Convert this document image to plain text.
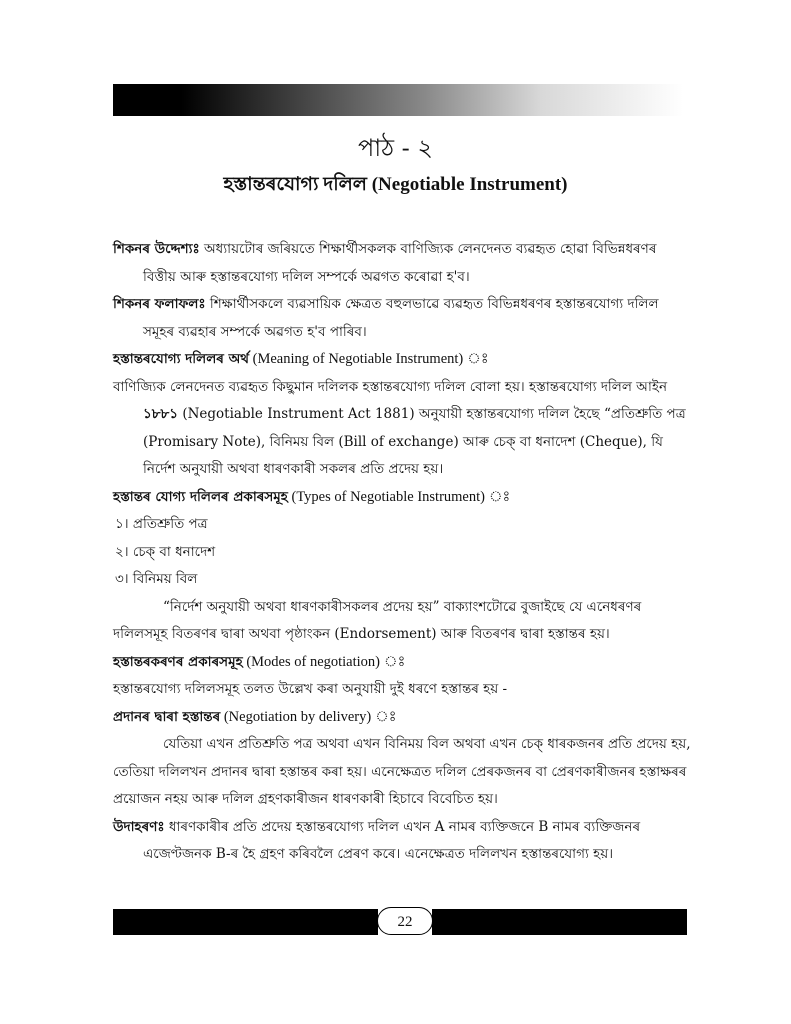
পাঠ - ২
হস্তান্তৰযোগ্য দলিল (Negotiable Instrument)

শিকনৰ উদ্দেশ্যঃ অধ্যায়টোৰ জৰিয়তে শিক্ষাৰ্থীসকলক বাণিজ্যিক লেনদেনত ব্যৱহৃত হোৱা বিভিন্নধৰণৰ বিত্তীয় আৰু হস্তান্তৰযোগ্য দলিল সম্পৰ্কে অৱগত কৰোৱা হ'ব।

শিকনৰ ফলাফলঃ শিক্ষাৰ্থীসকলে ব্যৱসায়িক ক্ষেত্ৰত বহুলভাৱে ব্যৱহৃত বিভিন্নধৰণৰ হস্তান্তৰযোগ্য দলিল সমূহৰ ব্যৱহাৰ সম্পৰ্কে অৱগত হ'ব পাৰিব।

হস্তান্তৰযোগ্য দলিলৰ অৰ্থ (Meaning of Negotiable Instrument) ঃ

বাণিজ্যিক লেনদেনত ব্যৱহৃত কিছুমান দলিলক হস্তান্তৰযোগ্য দলিল বোলা হয়। হস্তান্তৰযোগ্য দলিল আইন ১৮৮১ (Negotiable Instrument Act 1881) অনুযায়ী হস্তান্তৰযোগ্য দলিল হৈছে “প্ৰতিশ্ৰুতি পত্ৰ (Promisary Note), বিনিময় বিল (Bill of exchange) আৰু চেক্ বা ধনাদেশ (Cheque), যি নিৰ্দেশ অনুযায়ী অথবা ধাৰণকাৰী সকলৰ প্ৰতি প্ৰদেয় হয়।

হস্তান্তৰ যোগ্য দলিলৰ প্ৰকাৰসমূহ (Types of Negotiable Instrument) ঃ

১। প্ৰতিশ্ৰুতি পত্ৰ

২। চেক্ বা ধনাদেশ

৩। বিনিময় বিল

“নিৰ্দেশ অনুযায়ী অথবা ধাৰণকাৰীসকলৰ প্ৰদেয় হয়” বাক্যাংশটোৱে বুজাইছে যে এনেধৰণৰ দলিলসমূহ বিতৰণৰ দ্বাৰা অথবা পৃষ্ঠাংকন (Endorsement) আৰু বিতৰণৰ দ্বাৰা হস্তান্তৰ হয়।

হস্তান্তৰকৰণৰ প্ৰকাৰসমূহ (Modes of negotiation) ঃ

হস্তান্তৰযোগ্য দলিলসমূহ তলত উল্লেখ কৰা অনুযায়ী দুই ধৰণে হস্তান্তৰ হয় -

প্ৰদানৰ দ্বাৰা হস্তান্তৰ (Negotiation by delivery) ঃ

যেতিয়া এখন প্ৰতিশ্ৰুতি পত্ৰ অথবা এখন বিনিময় বিল অথবা এখন চেক্ ধাৰকজনৰ প্ৰতি প্ৰদেয় হয়, তেতিয়া দলিলখন প্ৰদানৰ দ্বাৰা হস্তান্তৰ কৰা হয়। এনেক্ষেত্ৰত দলিল প্ৰেৰকজনৰ বা প্ৰেৰণকাৰীজনৰ হস্তাক্ষৰৰ প্ৰয়োজন নহয় আৰু দলিল গ্ৰহণকাৰীজন ধাৰণকাৰী হিচাবে বিবেচিত হয়।

উদাহৰণঃ ধাৰণকাৰীৰ প্ৰতি প্ৰদেয় হস্তান্তৰযোগ্য দলিল এখন A নামৰ ব্যক্তিজনে B নামৰ ব্যক্তিজনৰ এজেণ্টজনক B-ৰ হৈ গ্ৰহণ কৰিবলৈ প্ৰেৰণ কৰে। এনেক্ষেত্ৰত দলিলখন হস্তান্তৰযোগ্য হয়।

22
